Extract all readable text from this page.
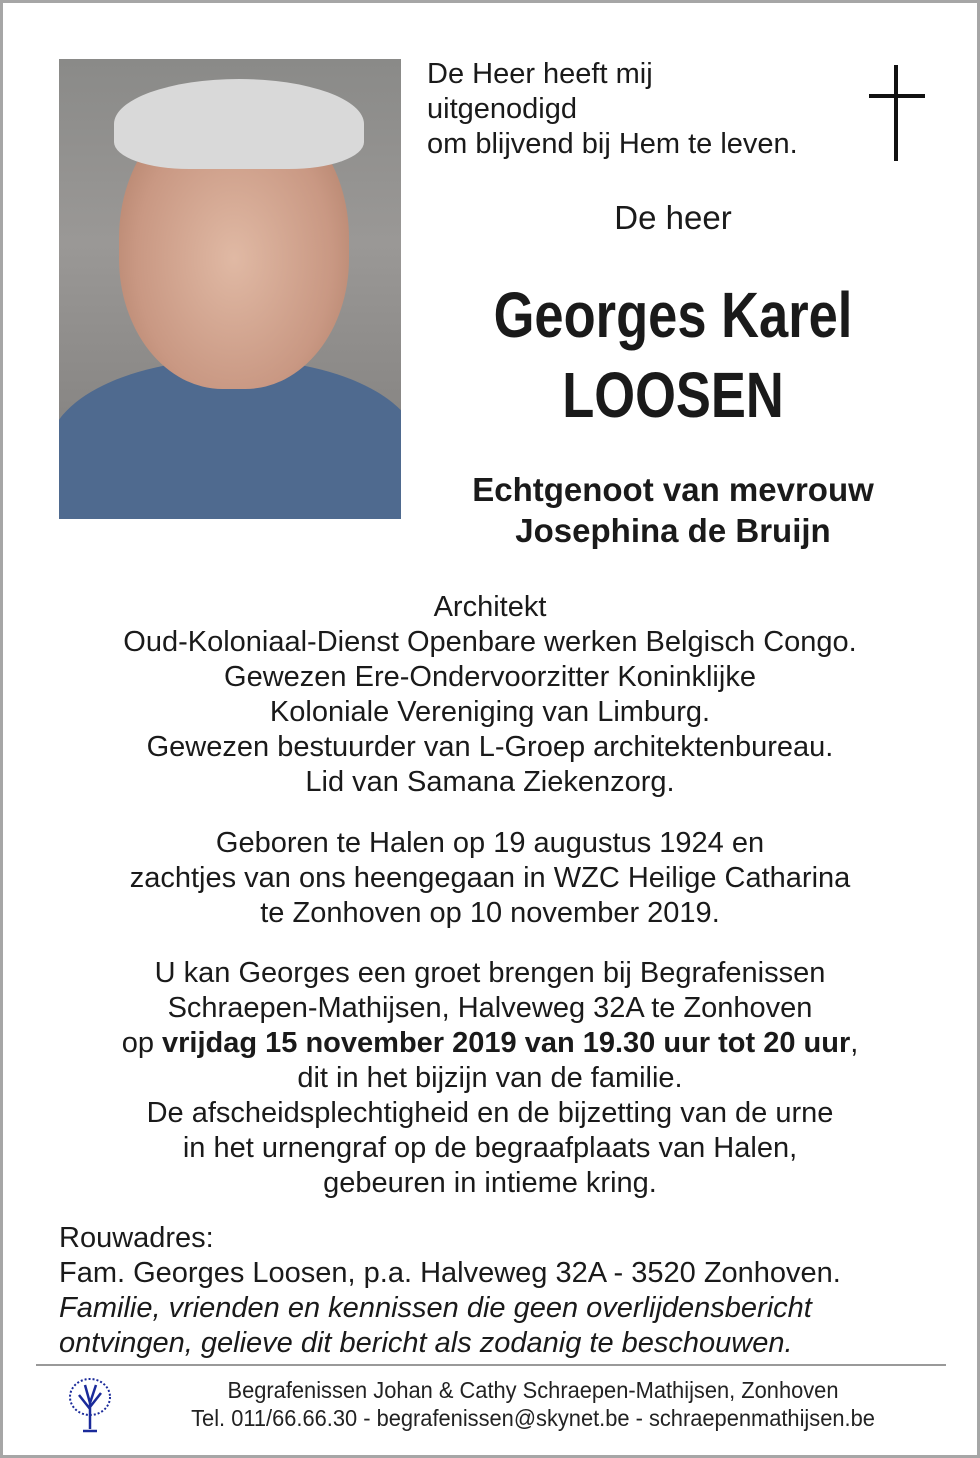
De Heer heeft mij
uitgenodigd
om blijvend bij Hem te leven.
De heer
Georges Karel
LOOSEN
Echtgenoot van mevrouw
Josephina de Bruijn
Architekt
Oud-Koloniaal-Dienst Openbare werken Belgisch Congo.
Gewezen Ere-Ondervoorzitter Koninklijke
Koloniale Vereniging van Limburg.
Gewezen bestuurder van L-Groep architektenbureau.
Lid van Samana Ziekenzorg.
Geboren te Halen op 19 augustus 1924 en
zachtjes van ons heengegaan in WZC Heilige Catharina
te Zonhoven op 10 november 2019.
U kan Georges een groet brengen bij Begrafenissen
Schraepen-Mathijsen, Halveweg 32A te Zonhoven
op vrijdag 15 november 2019 van 19.30 uur tot 20 uur,
dit in het bijzijn van de familie.
De afscheidsplechtigheid en de bijzetting van de urne
in het urnengraf op de begraafplaats van Halen,
gebeuren in intieme kring.
Rouwadres:
Fam. Georges Loosen, p.a. Halveweg 32A - 3520 Zonhoven.
Familie, vrienden en kennissen die geen overlijdensbericht
ontvingen, gelieve dit bericht als zodanig te beschouwen.
Begrafenissen Johan & Cathy Schraepen-Mathijsen, Zonhoven
Tel. 011/66.66.30 - begrafenissen@skynet.be - schraepenmathijsen.be
